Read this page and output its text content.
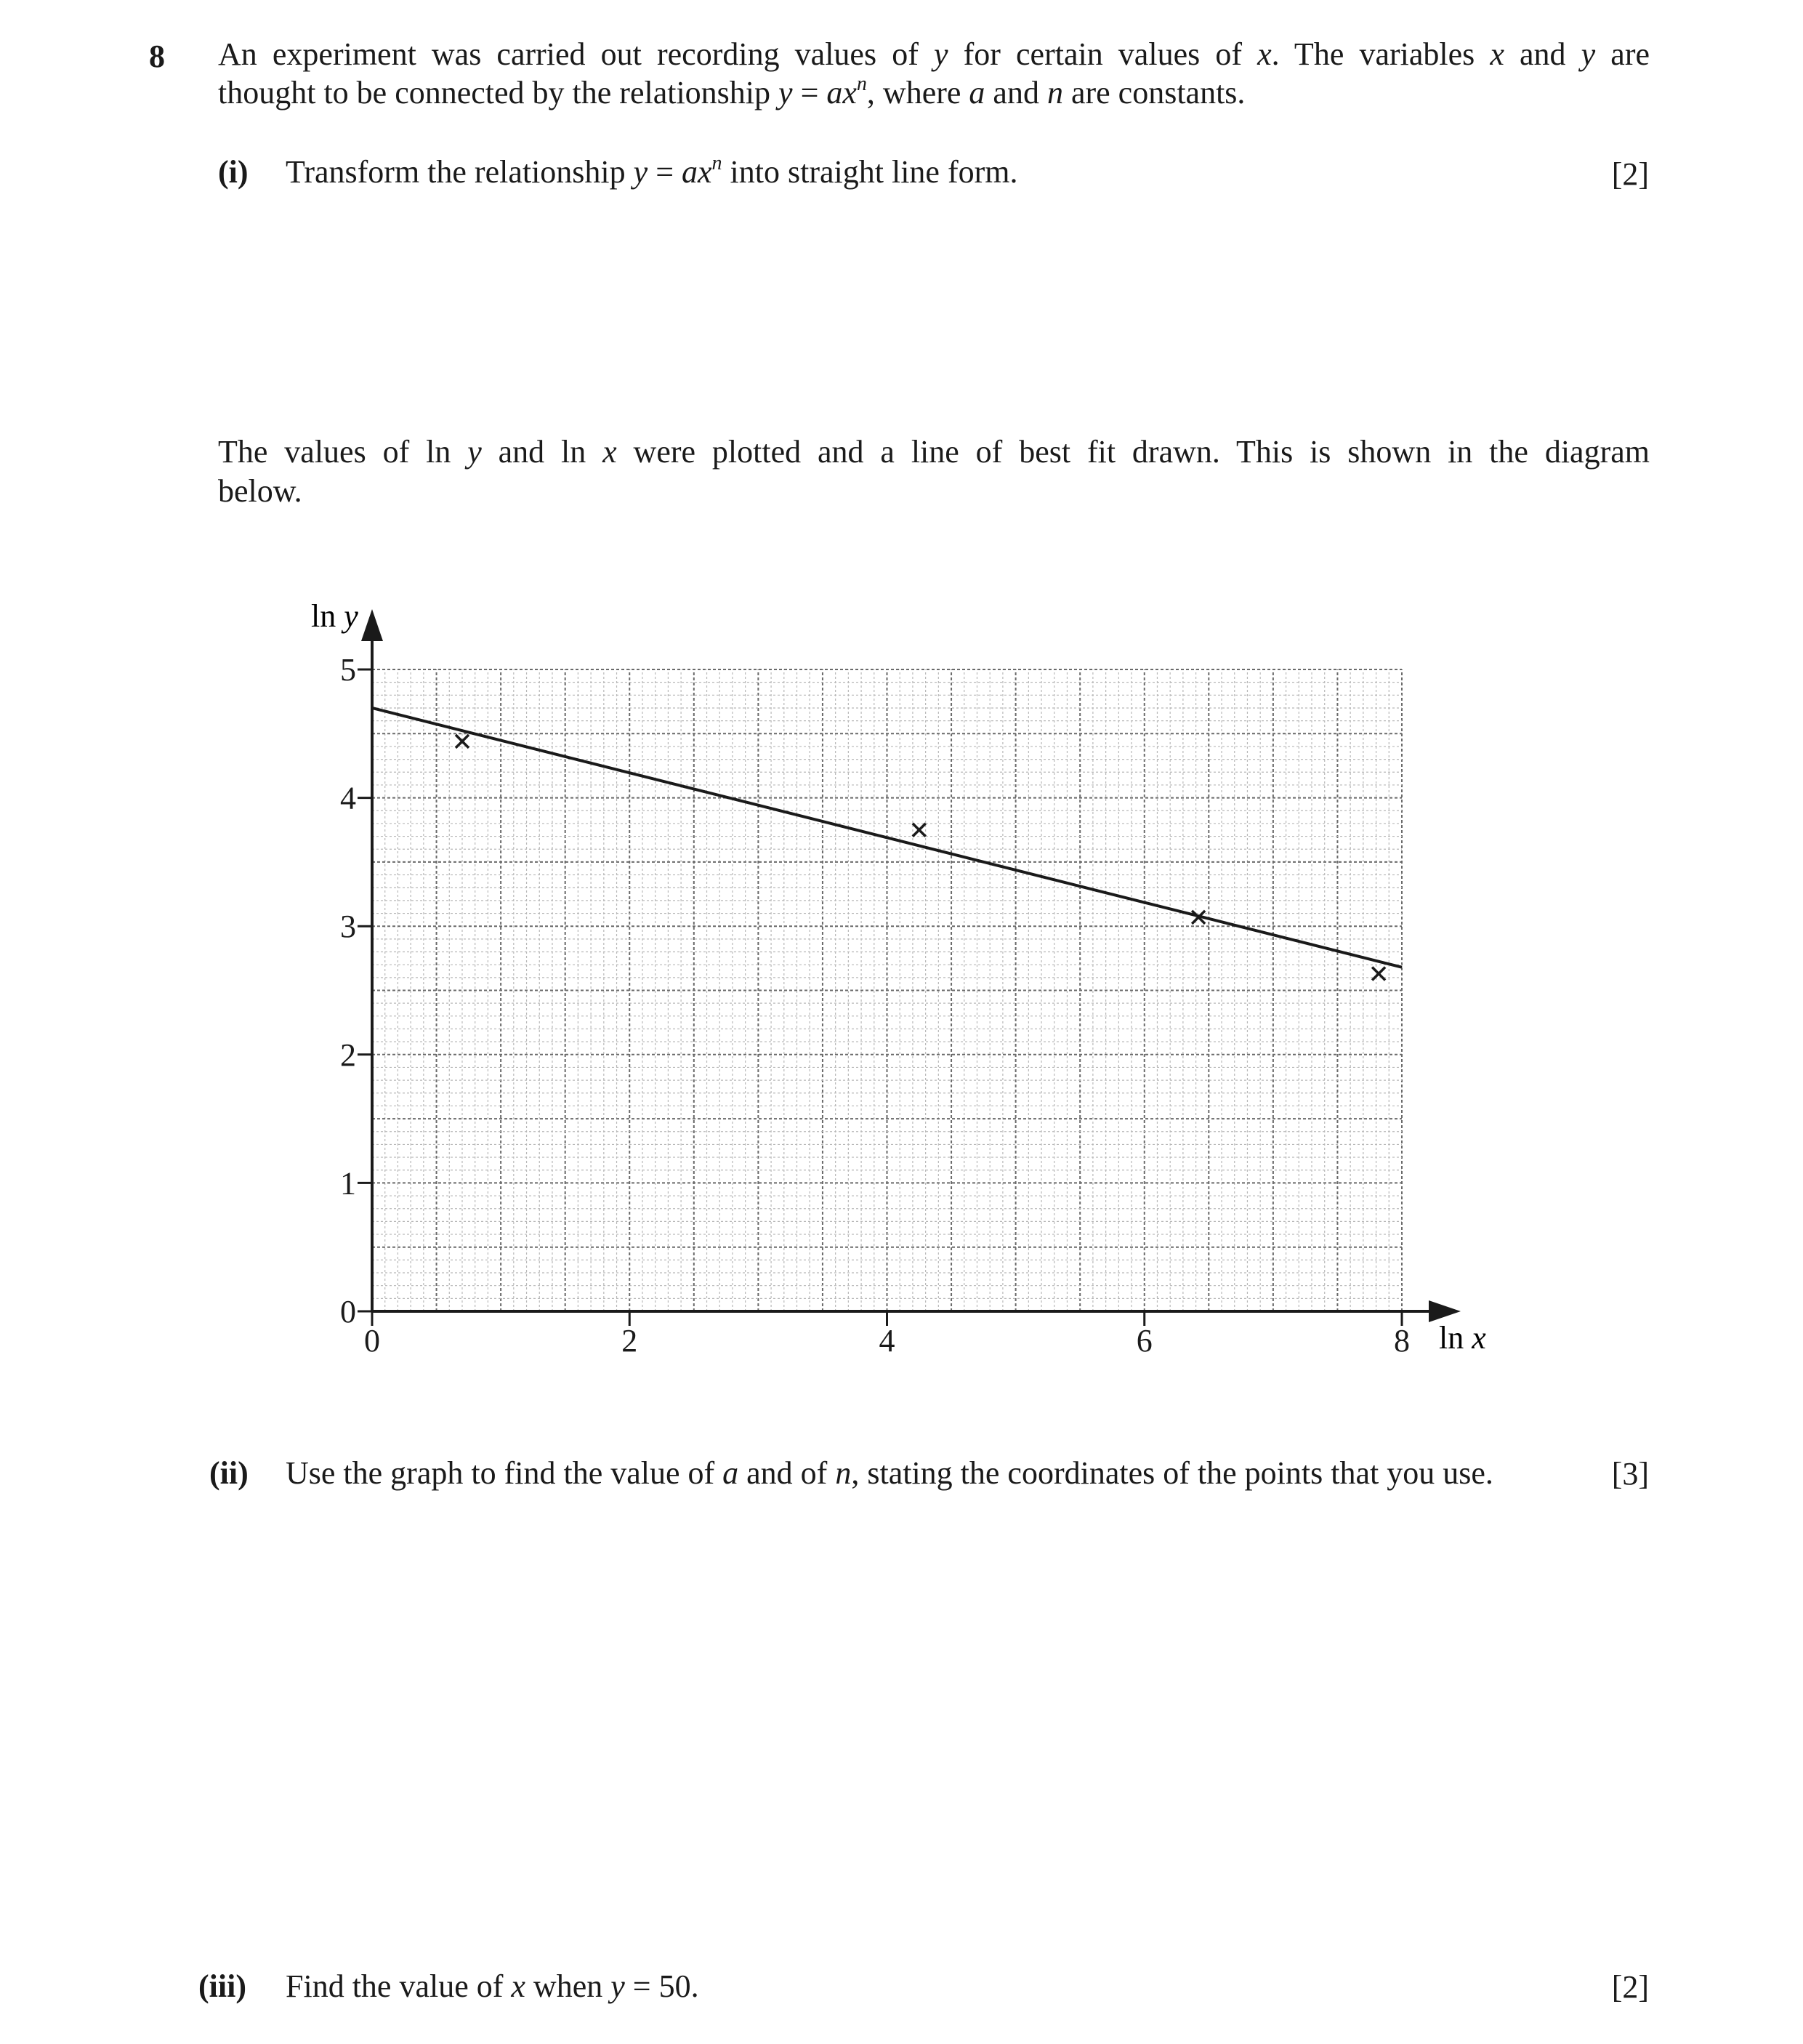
8 An experiment was carried out recording values of y for certain values of x. The variables x and y are
thought to be connected by the relationship $y = ax^n$, where a and n are constants.
(i) Transform the relationship $y = ax^n$ into straight line form.	[2]
The values of ln y and ln x were plotted and a line of best fit drawn. This is shown in the diagram
below.
0
1
2
3
4
5
0	2	4	6	8
ln y
ln x
(ii) Use the graph to find the value of a and of n, stating the coordinates of the points that you use.	[3]
(iii) Find the value of x when y = 50.	[2]
